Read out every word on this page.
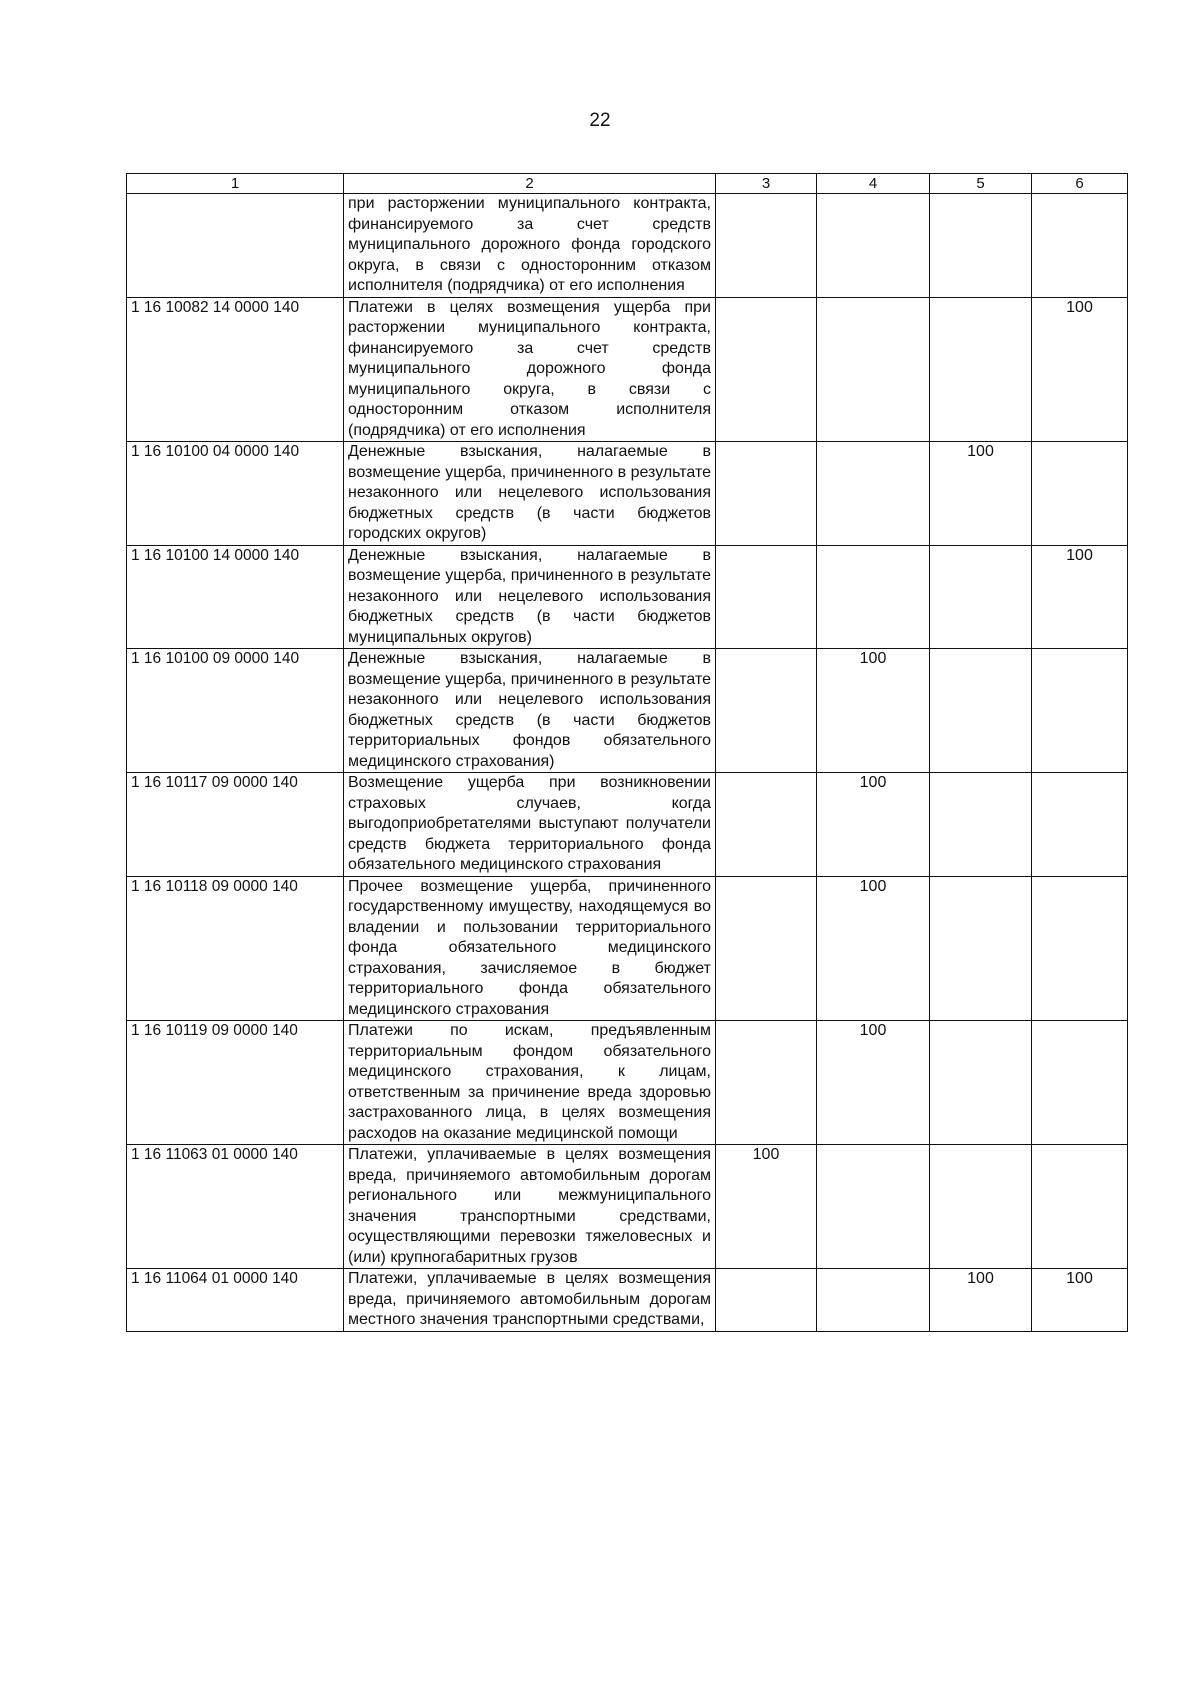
22
1	2	3	4	5	6
	при расторжении муниципального контракта, финансируемого за счет средств муниципального дорожного фонда городского округа, в связи с односторонним отказом исполнителя (подрядчика) от его исполнения				
1 16 10082 14 0000 140	Платежи в целях возмещения ущерба при расторжении муниципального контракта, финансируемого за счет средств муниципального дорожного фонда муниципального округа, в связи с односторонним отказом исполнителя (подрядчика) от его исполнения				100
1 16 10100 04 0000 140	Денежные взыскания, налагаемые в возмещение ущерба, причиненного в результате незаконного или нецелевого использования бюджетных средств (в части бюджетов городских округов)			100	
1 16 10100 14 0000 140	Денежные взыскания, налагаемые в возмещение ущерба, причиненного в результате незаконного или нецелевого использования бюджетных средств (в части бюджетов муниципальных округов)				100
1 16 10100 09 0000 140	Денежные взыскания, налагаемые в возмещение ущерба, причиненного в результате незаконного или нецелевого использования бюджетных средств (в части бюджетов территориальных фондов обязательного медицинского страхования)		100		
1 16 10117 09 0000 140	Возмещение ущерба при возникновении страховых случаев, когда выгодоприобретателями выступают получатели средств бюджета территориального фонда обязательного медицинского страхования		100		
1 16 10118 09 0000 140	Прочее возмещение ущерба, причиненного государственному имуществу, находящемуся во владении и пользовании территориального фонда обязательного медицинского страхования, зачисляемое в бюджет территориального фонда обязательного медицинского страхования		100		
1 16 10119 09 0000 140	Платежи по искам, предъявленным территориальным фондом обязательного медицинского страхования, к лицам, ответственным за причинение вреда здоровью застрахованного лица, в целях возмещения расходов на оказание медицинской помощи		100		
1 16 11063 01 0000 140	Платежи, уплачиваемые в целях возмещения вреда, причиняемого автомобильным дорогам регионального или межмуниципального значения транспортными средствами, осуществляющими перевозки тяжеловесных и (или) крупногабаритных грузов	100			
1 16 11064 01 0000 140	Платежи, уплачиваемые в целях возмещения вреда, причиняемого автомобильным дорогам местного значения транспортными средствами,			100	100
